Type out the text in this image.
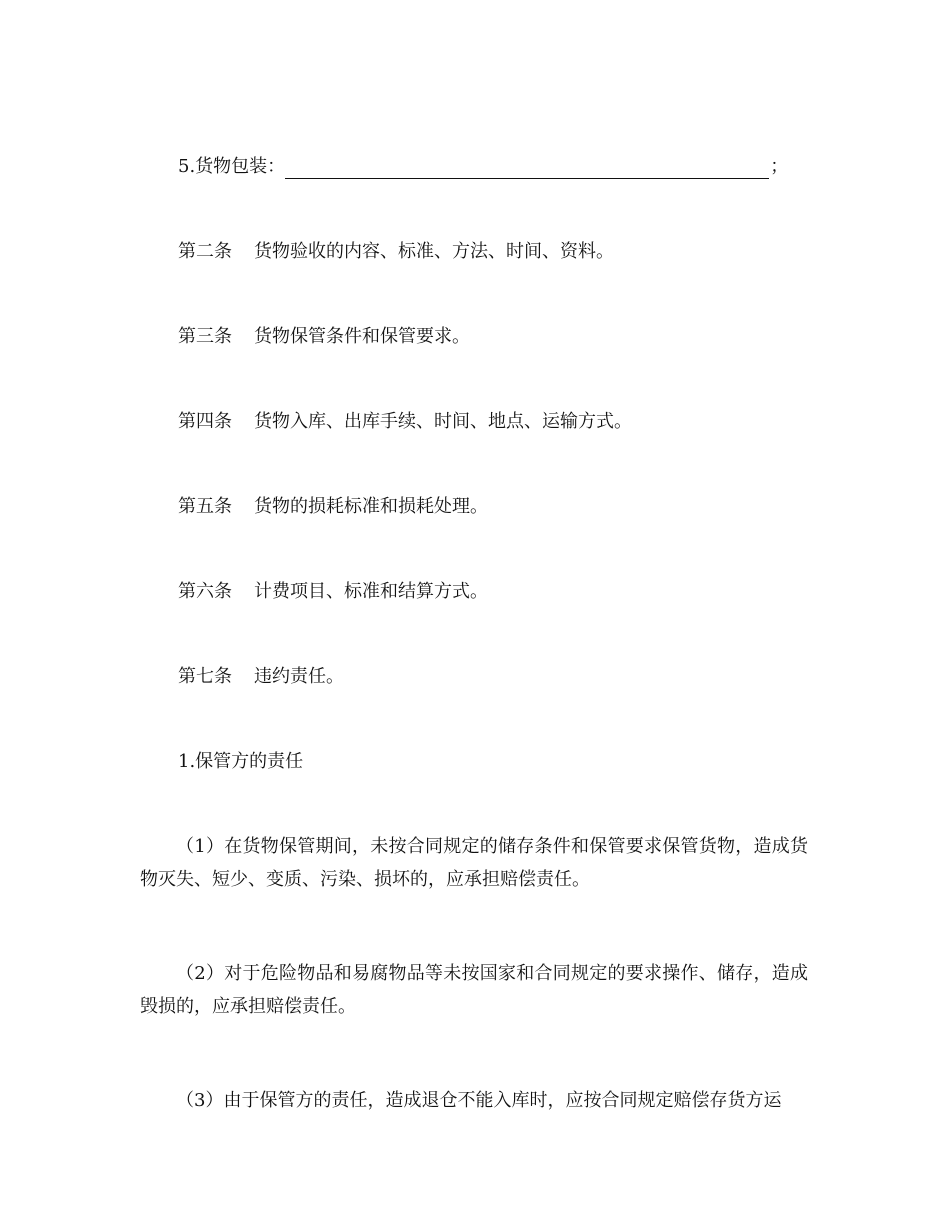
5.货物包装：	；
第二条 货物验收的内容、标准、方法、时间、资料。
第三条 货物保管条件和保管要求。
第四条 货物入库、出库手续、时间、地点、运输方式。
第五条 货物的损耗标准和损耗处理。
第六条 计费项目、标准和结算方式。
第七条 违约责任。
1.保管方的责任
（1）在货物保管期间，未按合同规定的储存条件和保管要求保管货物，造成货物灭失、短少、变质、污染、损坏的，应承担赔偿责任。
（2）对于危险物品和易腐物品等未按国家和合同规定的要求操作、储存，造成毁损的，应承担赔偿责任。
（3）由于保管方的责任，造成退仓不能入库时，应按合同规定赔偿存货方运
